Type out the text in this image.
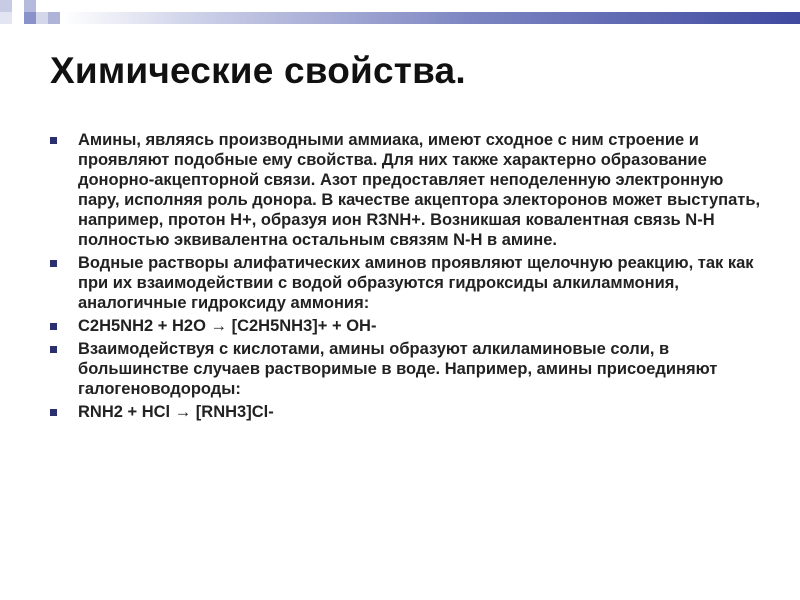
Химические свойства.
Амины, являясь производными аммиака, имеют сходное с ним строение и проявляют подобные ему свойства. Для них также характерно образование донорно-акцепторной связи. Азот предоставляет неподеленную электронную пару, исполняя роль донора. В качестве акцептора электоронов может выступать, например, протон Н+, образуя ион R3NH+. Возникшая ковалентная связь N-H полностью эквивалентна остальным связям N-H в амине.
Водные растворы алифатических аминов проявляют щелочную реакцию, так как при их взаимодействии с водой образуются гидроксиды алкиламмония, аналогичные гидроксиду аммония:
C2H5NH2 + H2O → [C2H5NH3]+ + OH-
Взаимодействуя с кислотами, амины образуют алкиламиновые соли, в большинстве случаев растворимые в воде. Например, амины присоединяют галогеноводороды:
RNH2 + HCl → [RNH3]Cl-
